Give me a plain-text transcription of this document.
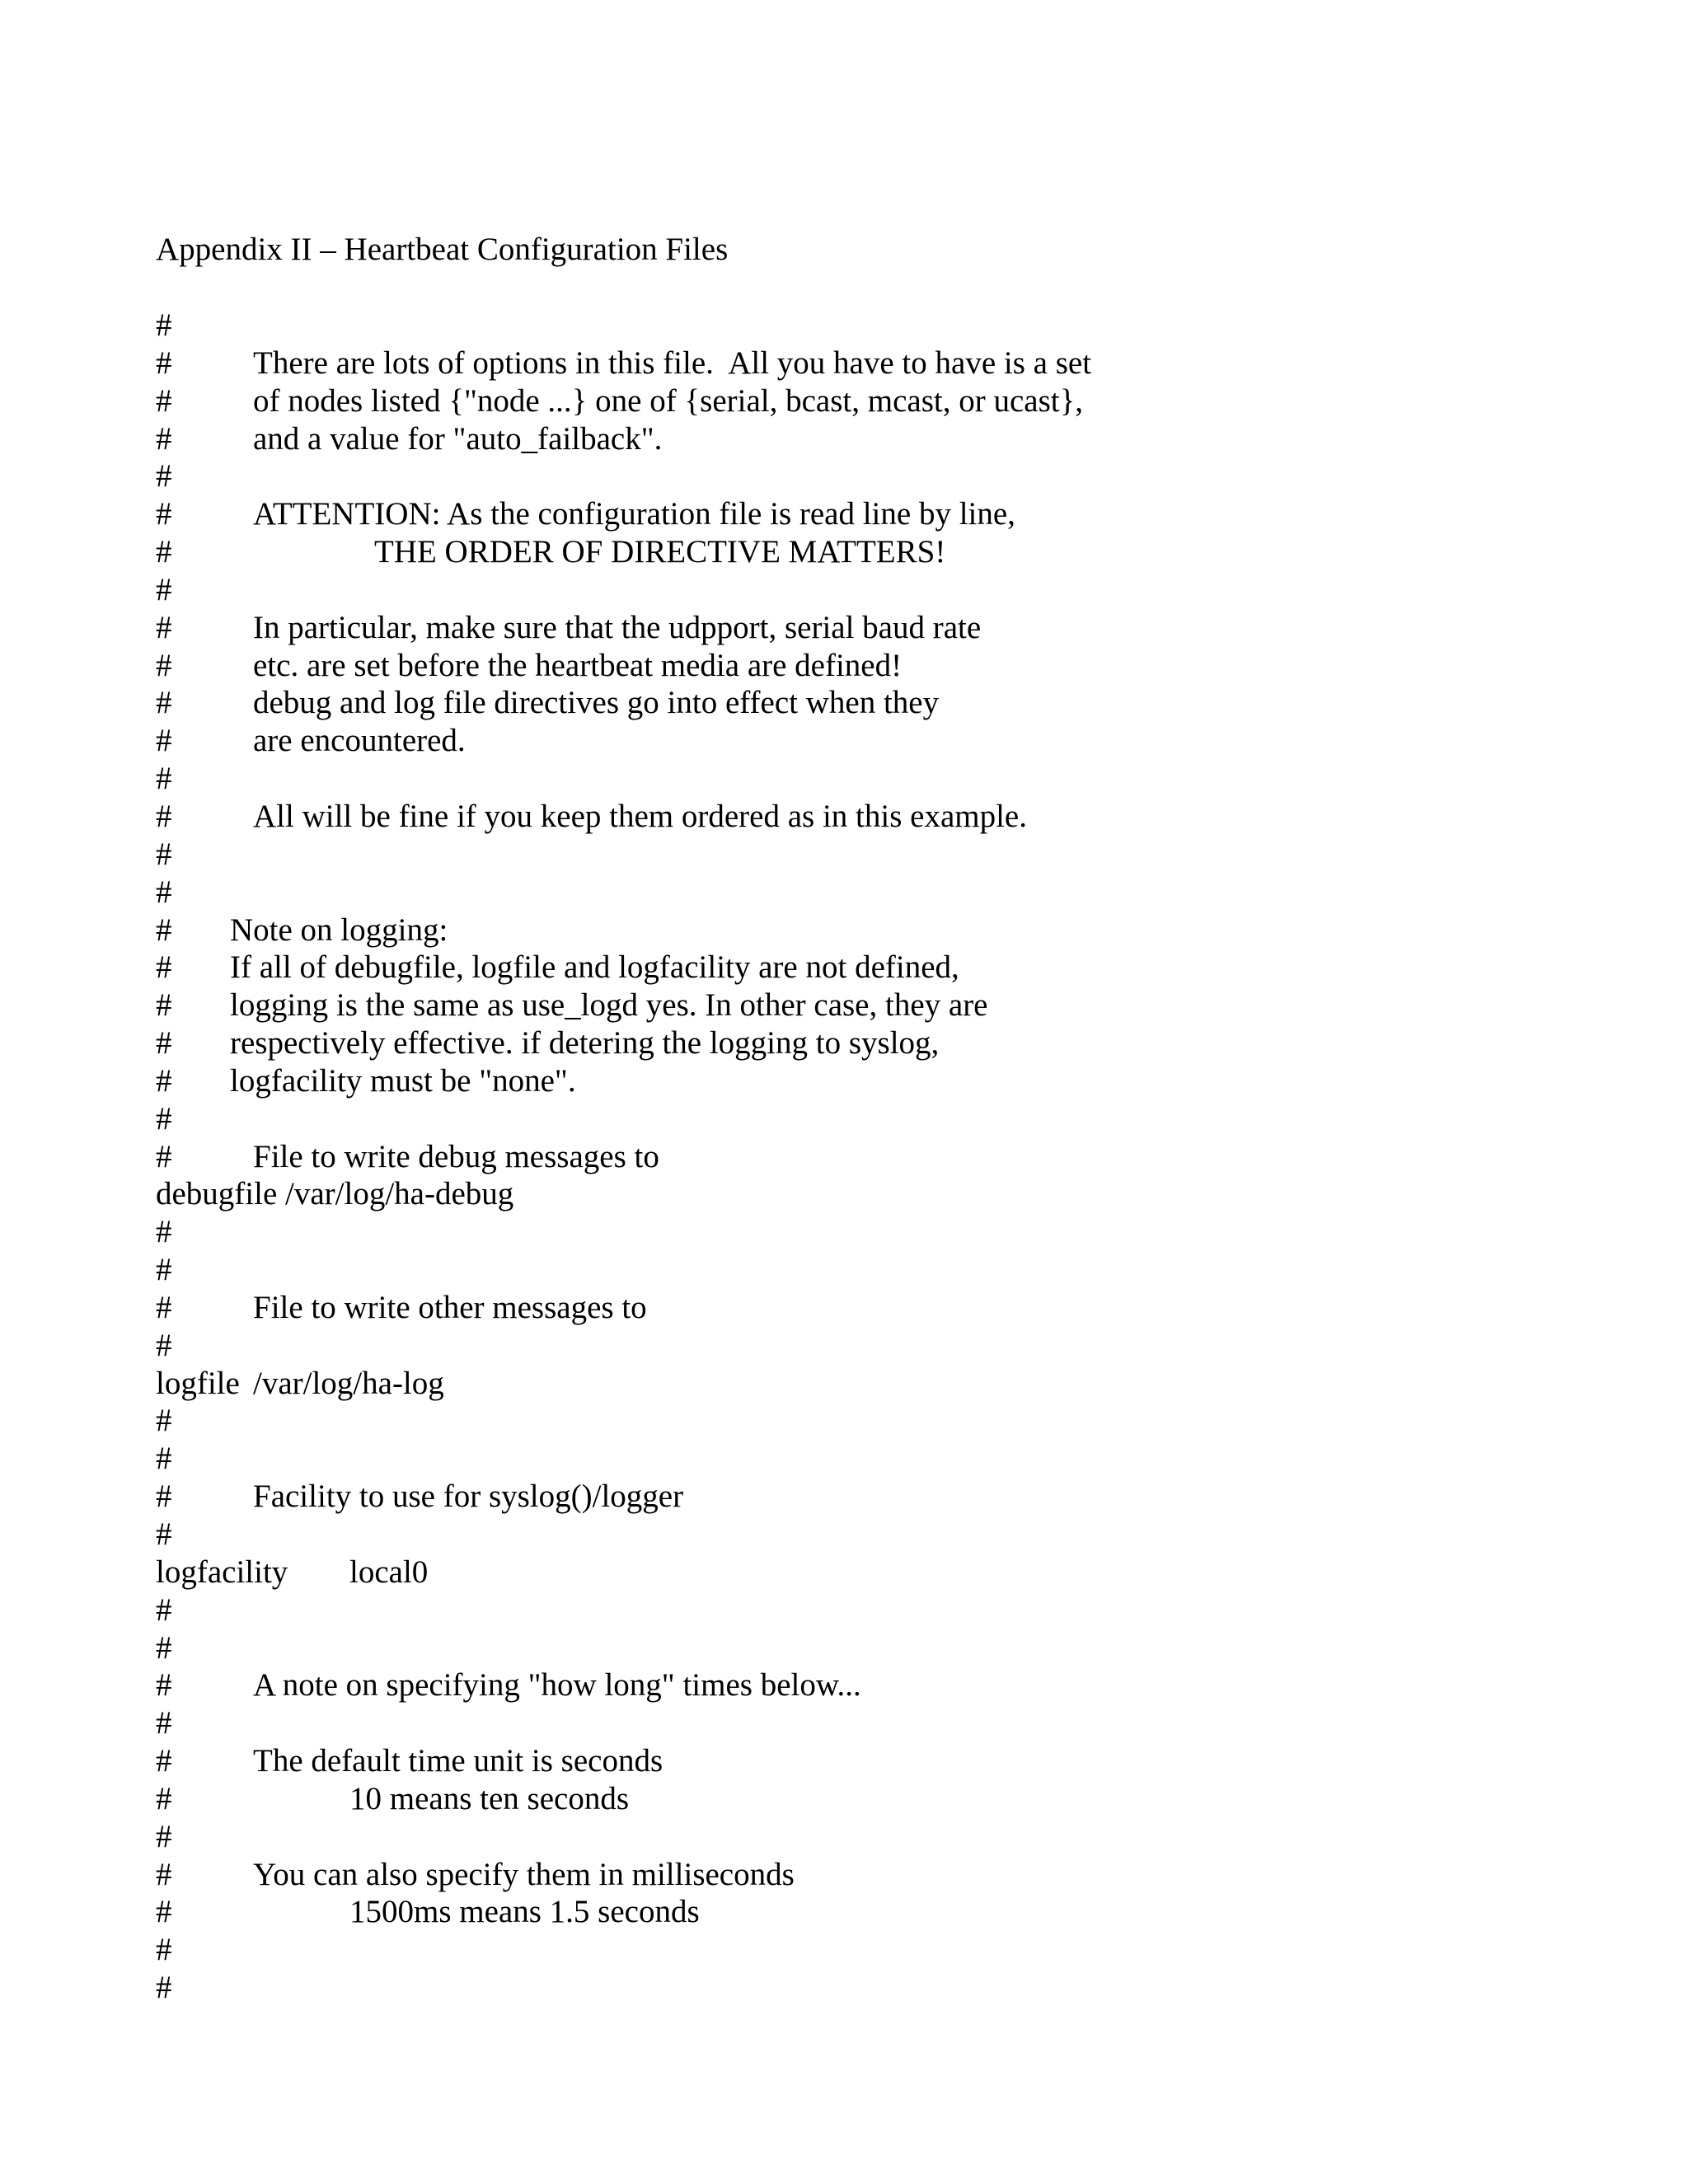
Appendix II – Heartbeat Configuration Files
#
#	There are lots of options in this file.  All you have to have is a set
#	of nodes listed {"node ...} one of {serial, bcast, mcast, or ucast},
#	and a value for "auto_failback".
#
#	ATTENTION: As the configuration file is read line by line,
#	THE ORDER OF DIRECTIVE MATTERS!
#
#	In particular, make sure that the udpport, serial baud rate
#	etc. are set before the heartbeat media are defined!
#	debug and log file directives go into effect when they
#	are encountered.
#
#	All will be fine if you keep them ordered as in this example.
#
#
# Note on logging:
# If all of debugfile, logfile and logfacility are not defined,
# logging is the same as use_logd yes. In other case, they are
# respectively effective. if detering the logging to syslog,
# logfacility must be "none".
#
#	File to write debug messages to
debugfile /var/log/ha-debug
#
#
#	File to write other messages to
#
logfile /var/log/ha-log
#
#
#	Facility to use for syslog()/logger
#
logfacility local0
#
#
#	A note on specifying "how long" times below...
#
#	The default time unit is seconds
#	10 means ten seconds
#
#	You can also specify them in milliseconds
#	1500ms means 1.5 seconds
#
#
